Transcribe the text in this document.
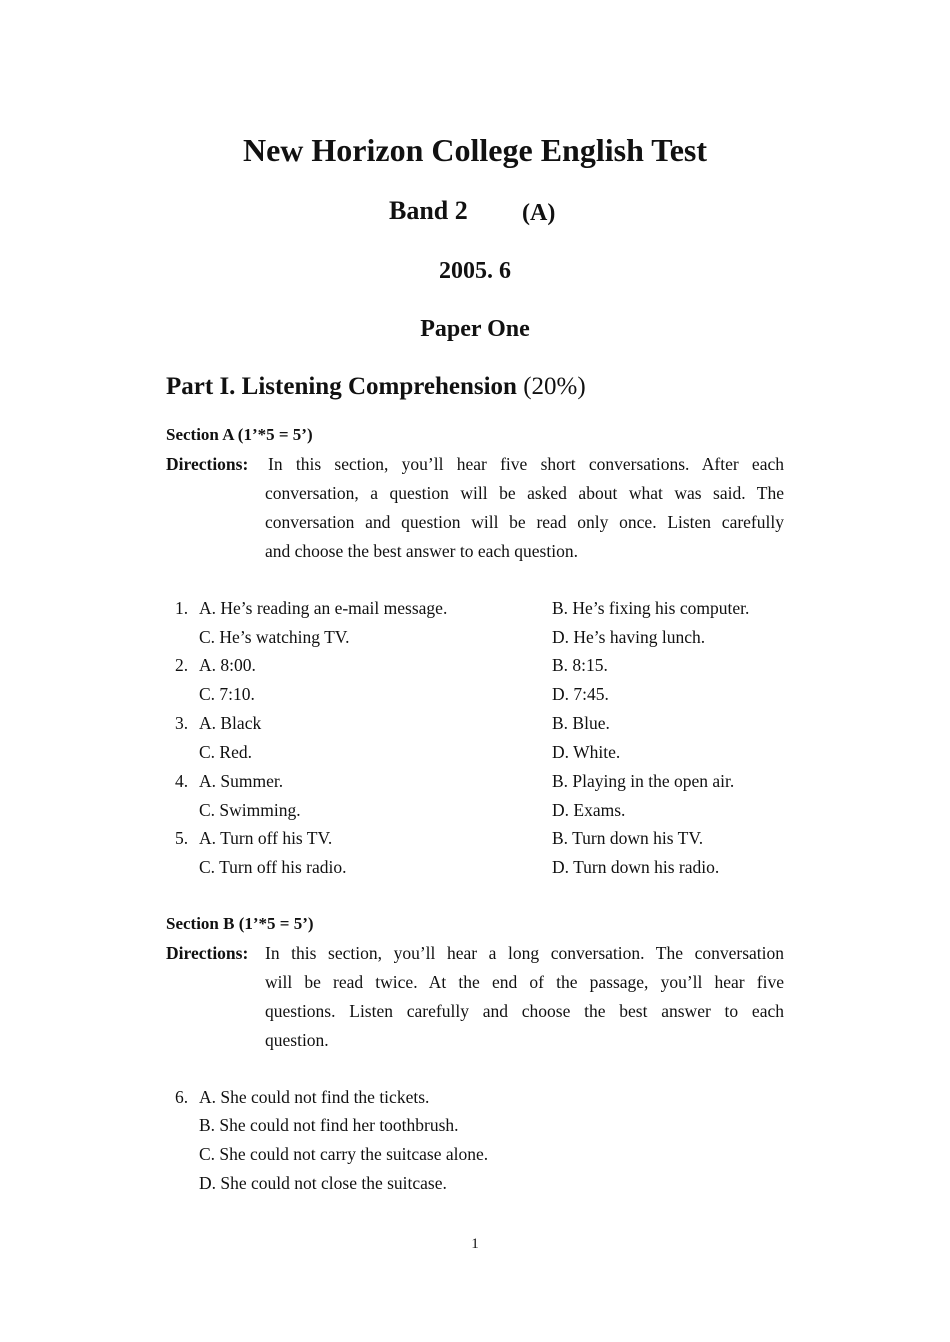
New Horizon College English Test
Band 2 (A)
2005. 6
Paper One
Part I. Listening Comprehension (20%)
Section A (1’*5 = 5’)
Directions: In this section, you’ll hear five short conversations. After each
conversation, a question will be asked about what was said. The
conversation and question will be read only once. Listen carefully
and choose the best answer to each question.
1. A. He’s reading an e-mail message.	B. He’s fixing his computer.
C. He’s watching TV.	D. He’s having lunch.
2. A. 8:00.	B. 8:15.
C. 7:10.	D. 7:45.
3. A. Black	B. Blue.
C. Red.	D. White.
4. A. Summer.	B. Playing in the open air.
C. Swimming.	D. Exams.
5. A. Turn off his TV.	B. Turn down his TV.
C. Turn off his radio.	D. Turn down his radio.
Section B (1’*5 = 5’)
Directions: In this section, you’ll hear a long conversation. The conversation
will be read twice. At the end of the passage, you’ll hear five
questions. Listen carefully and choose the best answer to each
question.
6. A. She could not find the tickets.
B. She could not find her toothbrush.
C. She could not carry the suitcase alone.
D. She could not close the suitcase.
1
